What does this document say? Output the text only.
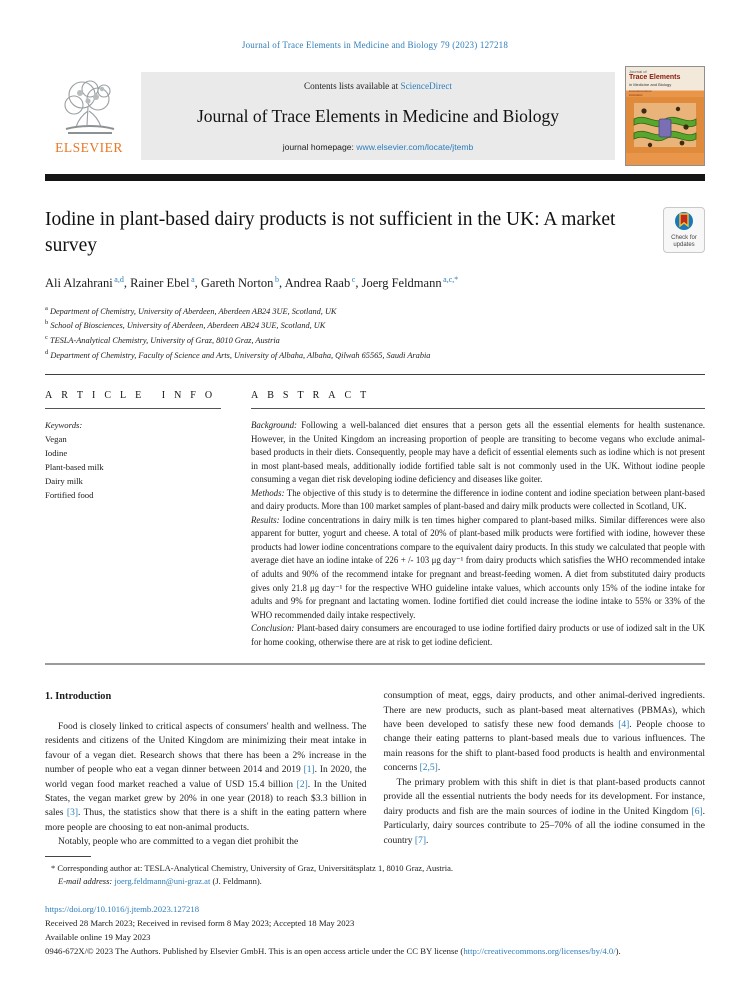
Journal of Trace Elements in Medicine and Biology 79 (2023) 127218
ELSEVIER
Contents lists available at ScienceDirect
Journal of Trace Elements in Medicine and Biology
journal homepage: www.elsevier.com/locate/jtemb
Journal of
Trace Elements
in Medicine and Biology
▪▪▪▪▪▪▪▪▪▪▪▪▪▪▪▪▪▪▪▪
▪▪▪▪▪▪▪▪▪▪▪▪
Iodine in plant-based dairy products is not sufficient in the UK: A market survey	Check for
updates
Ali Alzahrani $^{a,d}$, Rainer Ebel $^a$, Gareth Norton $^b$, Andrea Raab $^c$, Joerg Feldmann $^{a,c,*}$
$^a$ Department of Chemistry, University of Aberdeen, Aberdeen AB24 3UE, Scotland, UK
$^b$ School of Biosciences, University of Aberdeen, Aberdeen AB24 3UE, Scotland, UK
$^c$ TESLA-Analytical Chemistry, University of Graz, 8010 Graz, Austria
$^d$ Department of Chemistry, Faculty of Science and Arts, University of Albaha, Albaha, Qilwah 65565, Saudi Arabia
A R T I C L E   I N F O
Keywords:
Vegan
Iodine
Plant-based milk
Dairy milk
Fortified food
A B S T R A C T
Background: Following a well-balanced diet ensures that a person gets all the essential elements for health sustenance. However, in the United Kingdom an increasing proportion of people are transiting to become vegans who exclude animal-based products in their diets. Consequently, people may have a deficit of essential elements such as iodine which is not present in most plant-based meals, additionally iodide fortified table salt is not commonly used in the UK. Without iodine people consuming a vegan diet risk developing iodine deficiency and diseases like goiter.
Methods: The objective of this study is to determine the difference in iodine content and iodine speciation between plant-based and dairy products. More than 100 market samples of plant-based and dairy milk products were collected in Scotland, UK.
Results: Iodine concentrations in dairy milk is ten times higher compared to plant-based milks. Similar differences were also apparent for butter, yogurt and cheese. A total of 20% of plant-based milk products were fortified with iodine, however these products had lower iodine concentrations compare to the equivalent dairy products. In this study we calculated that people with average diet have an iodine intake of 226 + /- 103 μg day⁻¹ from dairy products which satisfies the WHO recommended intake of adults and 90% of the recommend intake for pregnant and breast-feeding women. A diet from substituted dairy products gives only 21.8 μg day⁻¹ for the respective WHO guideline intake values, which accounts only 15% of the iodine intake for adults and 9% for pregnant and lactating women. Iodine fortified diet could increase the iodine intake to 55% or 33% of the WHO recommended daily intake respectively.
Conclusion: Plant-based dairy consumers are encouraged to use iodine fortified dairy products or use of iodized salt in the UK for home cooking, otherwise there are at risk to get iodine deficient.
1. Introduction

Food is closely linked to critical aspects of consumers' health and wellness. The residents and citizens of the United Kingdom are minimizing their meat intake in favour of a vegan diet. Research shows that there has been a 2% increase in the number of people who eat a vegan dinner between 2014 and 2019 [1]. In 2020, the world vegan food market reached a value of USD 15.4 billion [2]. In the United States, the vegan market grew by 20% in one year (2018) to reach $3.3 billion in sales [3]. Thus, the statistics show that there is a shift in the eating pattern where more people are choosing to eat non-animal products.

Notably, people who are committed to a vegan diet prohibit the

consumption of meat, eggs, dairy products, and other animal-derived ingredients. There are new products, such as plant-based meat alternatives (PBMAs), which have been developed to satisfy these new food demands [4]. People choose to change their eating patterns to plant-based meals due to various influences. The main reasons for the shift to plant-based food products is health and environmental concerns [2,5].

The primary problem with this shift in diet is that plant-based products cannot provide all the essential nutrients the body needs for its development. For instance, dairy products and fish are the main sources of iodine in the United Kingdom [6]. Particularly, dairy sources contribute to 25–70% of all the iodine consumed in the country [7].

* Corresponding author at: TESLA-Analytical Chemistry, University of Graz, Universitätsplatz 1, 8010 Graz, Austria.
E-mail address: joerg.feldmann@uni-graz.at (J. Feldmann).
https://doi.org/10.1016/j.jtemb.2023.127218
Received 28 March 2023; Received in revised form 8 May 2023; Accepted 18 May 2023
Available online 19 May 2023
0946-672X/© 2023 The Authors. Published by Elsevier GmbH. This is an open access article under the CC BY license (http://creativecommons.org/licenses/by/4.0/).
